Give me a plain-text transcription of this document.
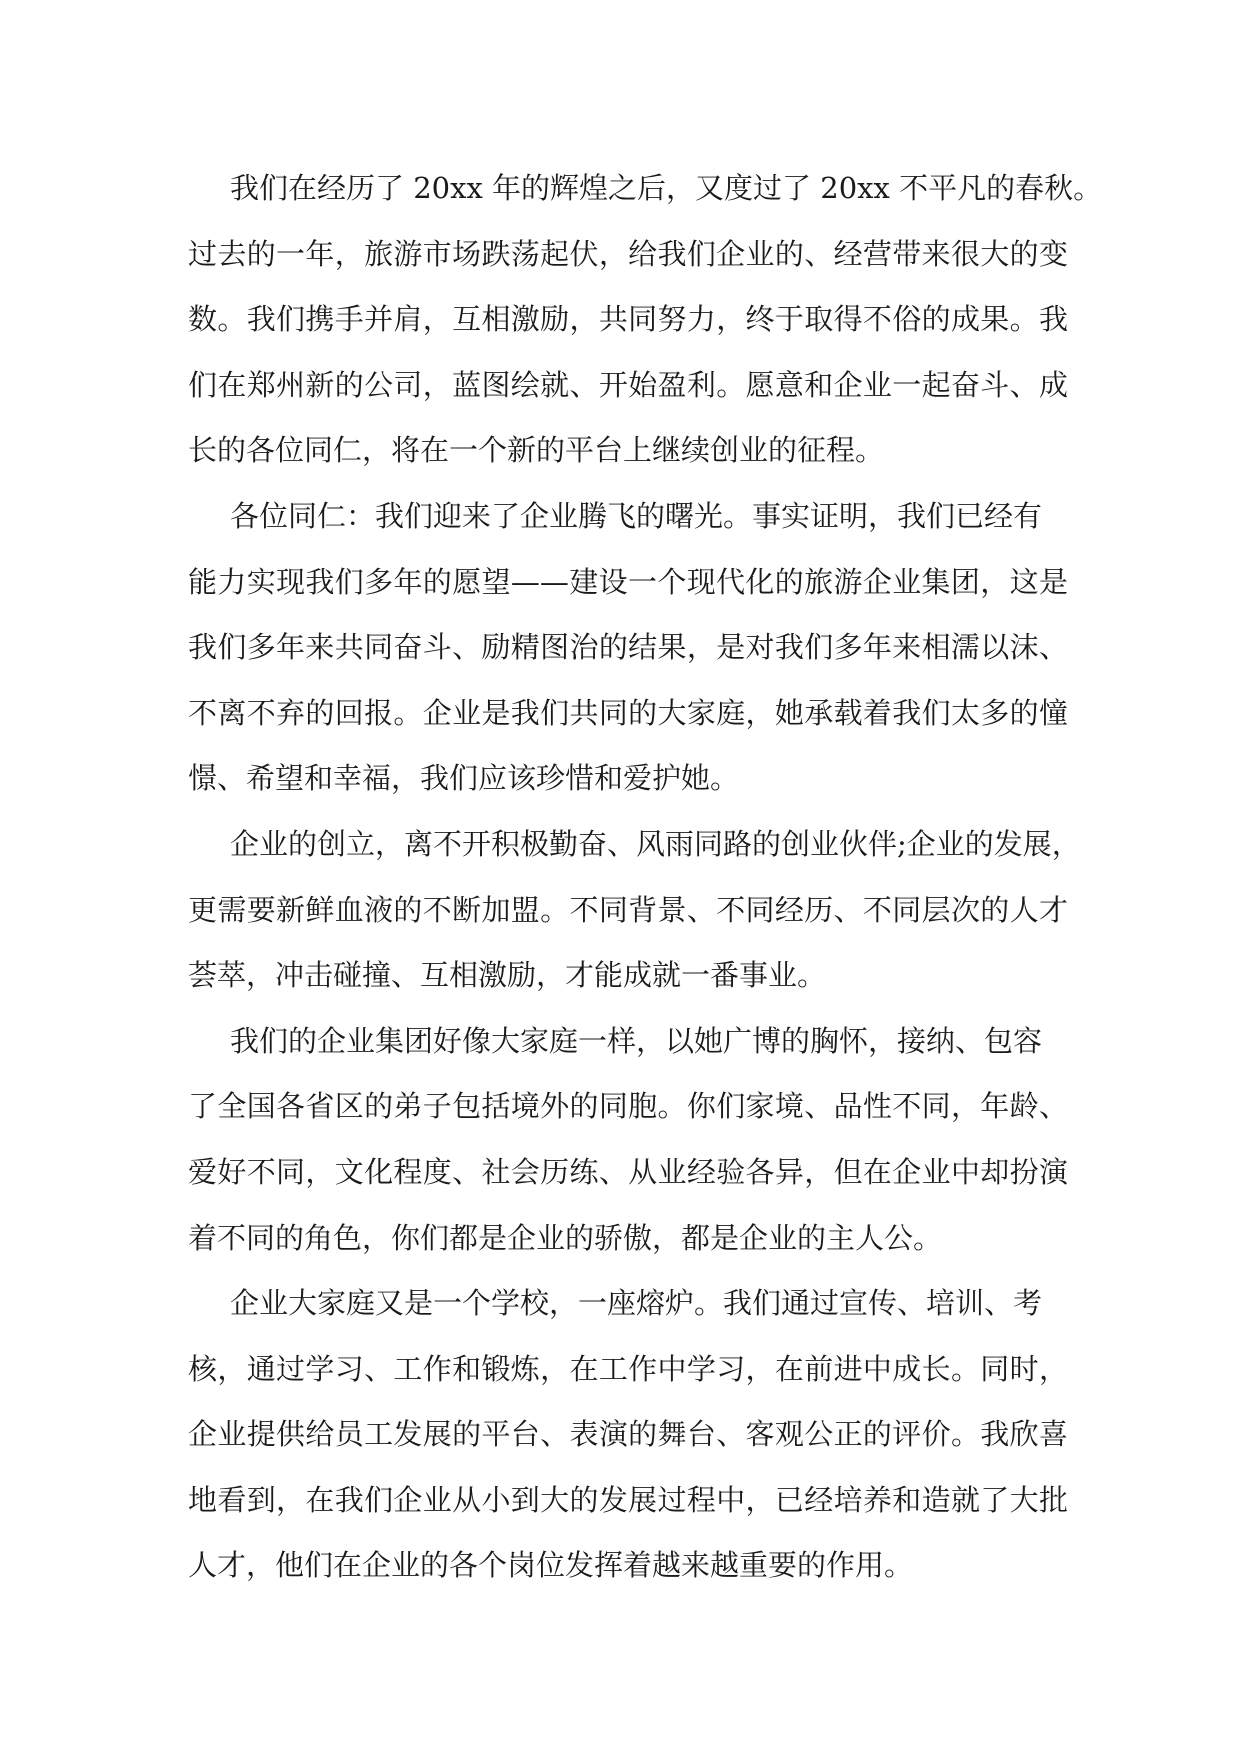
我们在经历了 20xx 年的辉煌之后，又度过了 20xx 不平凡的春秋。
过去的一年，旅游市场跌荡起伏，给我们企业的、经营带来很大的变
数。我们携手并肩，互相激励，共同努力，终于取得不俗的成果。我
们在郑州新的公司，蓝图绘就、开始盈利。愿意和企业一起奋斗、成
长的各位同仁，将在一个新的平台上继续创业的征程。
各位同仁：我们迎来了企业腾飞的曙光。事实证明，我们已经有
能力实现我们多年的愿望——建设一个现代化的旅游企业集团，这是
我们多年来共同奋斗、励精图治的结果，是对我们多年来相濡以沫、
不离不弃的回报。企业是我们共同的大家庭，她承载着我们太多的憧
憬、希望和幸福，我们应该珍惜和爱护她。
企业的创立，离不开积极勤奋、风雨同路的创业伙伴;企业的发展，
更需要新鲜血液的不断加盟。不同背景、不同经历、不同层次的人才
荟萃，冲击碰撞、互相激励，才能成就一番事业。
我们的企业集团好像大家庭一样，以她广博的胸怀，接纳、包容
了全国各省区的弟子包括境外的同胞。你们家境、品性不同，年龄、
爱好不同，文化程度、社会历练、从业经验各异，但在企业中却扮演
着不同的角色，你们都是企业的骄傲，都是企业的主人公。
企业大家庭又是一个学校，一座熔炉。我们通过宣传、培训、考
核，通过学习、工作和锻炼，在工作中学习，在前进中成长。同时，
企业提供给员工发展的平台、表演的舞台、客观公正的评价。我欣喜
地看到，在我们企业从小到大的发展过程中，已经培养和造就了大批
人才，他们在企业的各个岗位发挥着越来越重要的作用。
